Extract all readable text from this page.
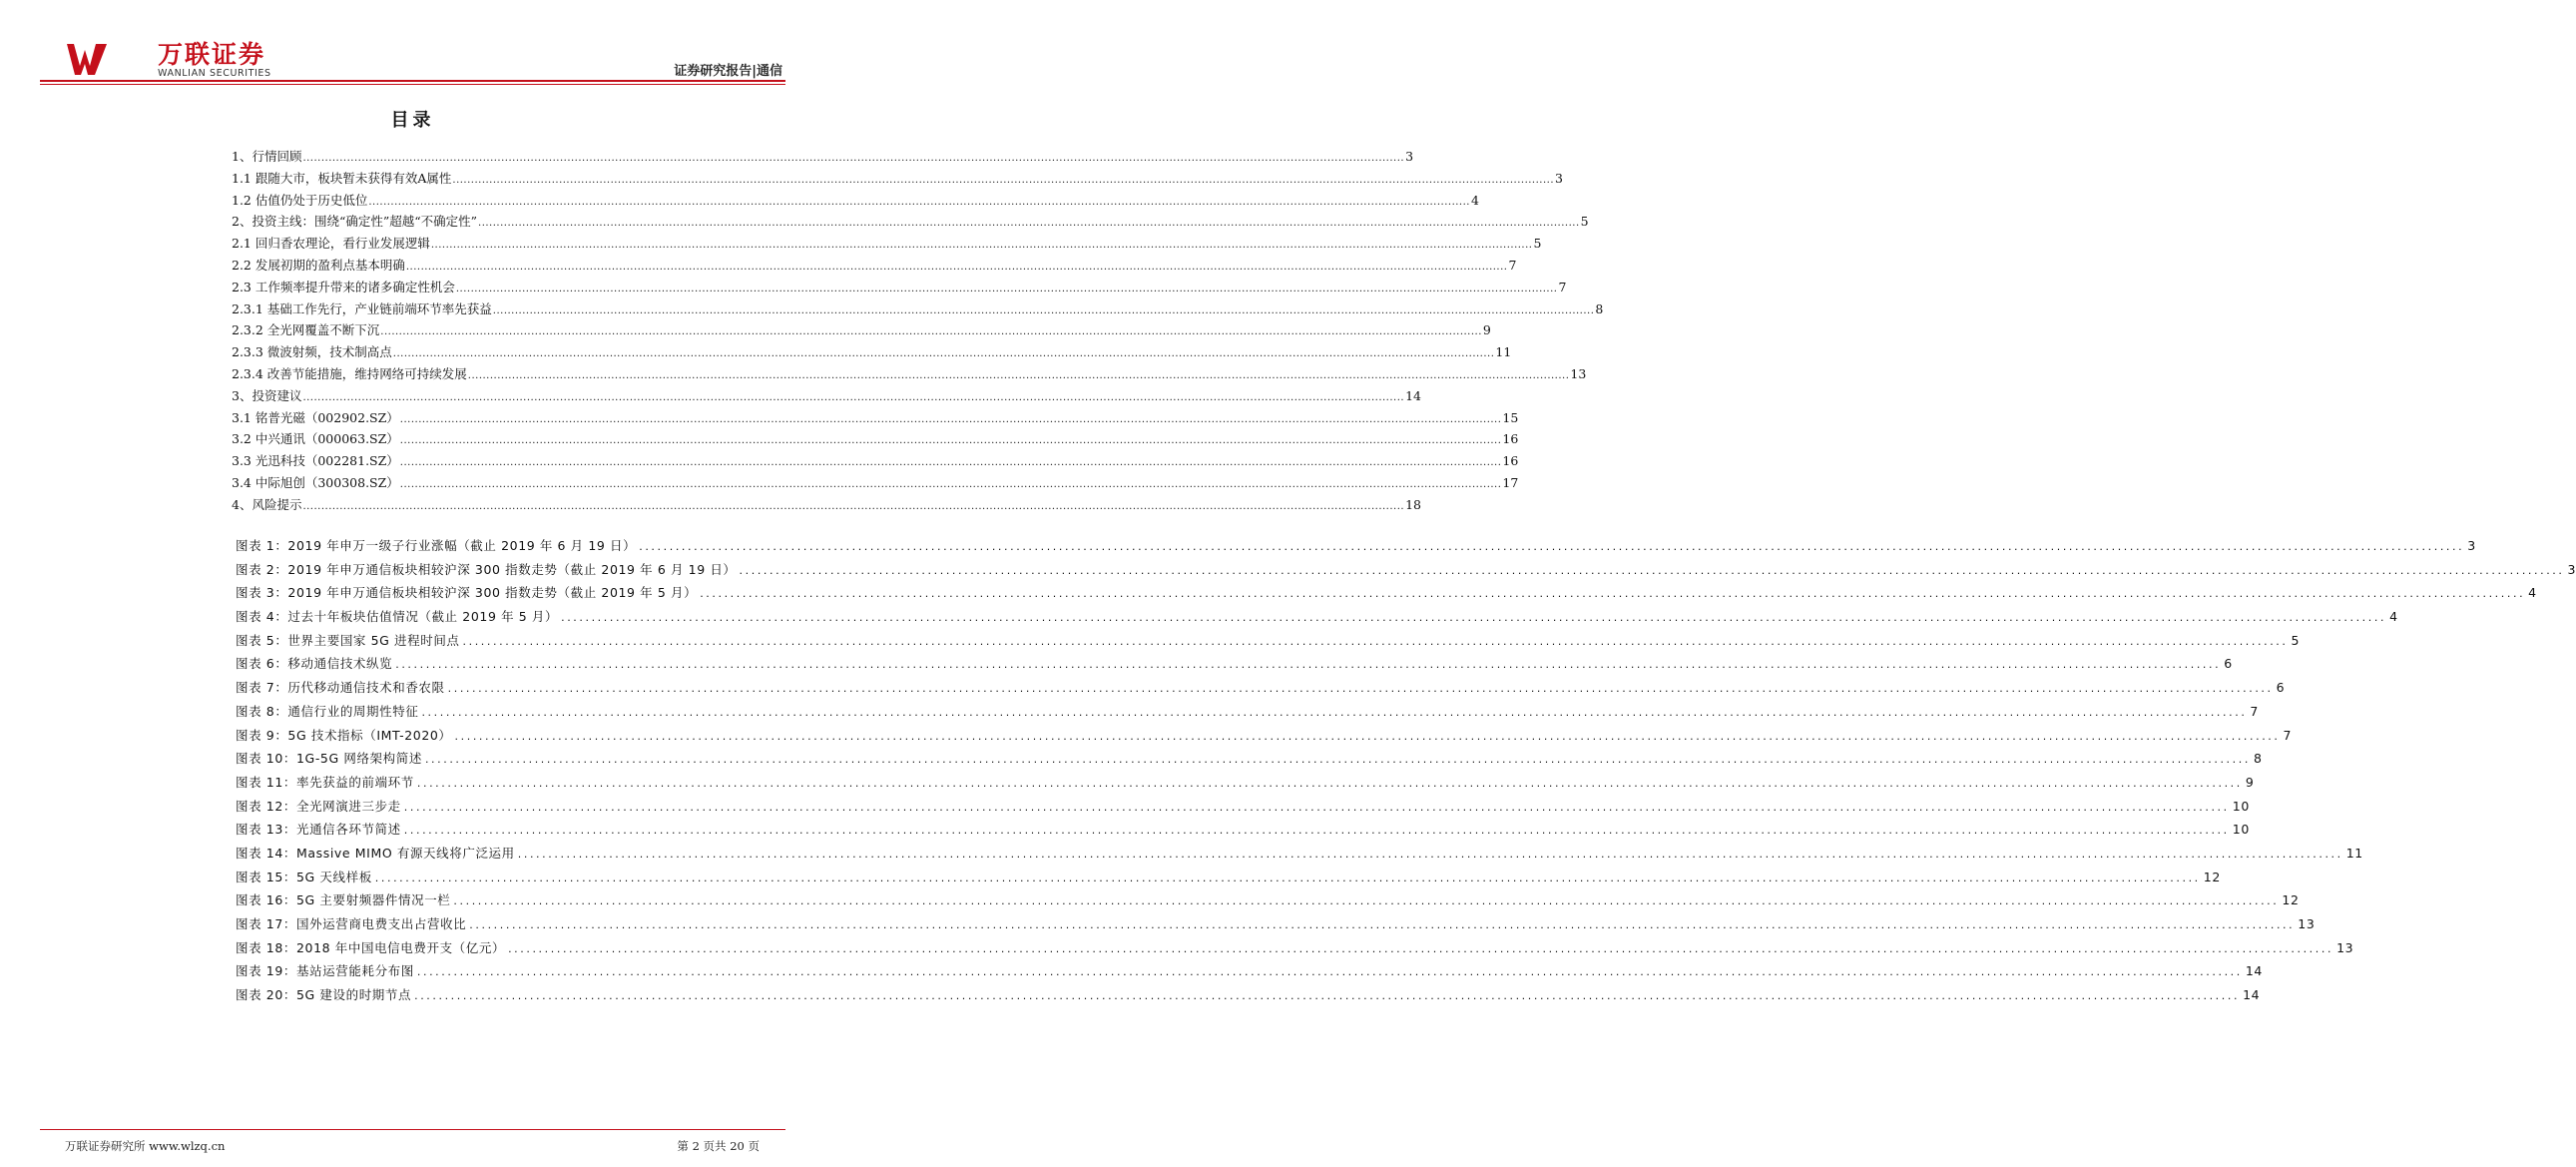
万联证券
WANLIAN SECURITIES	证券研究报告|通信
目录
1、行情回顾 ............................................................................................................................................................................................................................................................................................................ 3
1.1 跟随大市，板块暂未获得有效A属性 ............................................................................................................................................................................................................................................................................................................ 3
1.2 估值仍处于历史低位 ............................................................................................................................................................................................................................................................................................................ 4
2、投资主线：围绕“确定性”超越“不确定性” ............................................................................................................................................................................................................................................................................................................ 5
2.1 回归香农理论，看行业发展逻辑 ............................................................................................................................................................................................................................................................................................................ 5
2.2 发展初期的盈利点基本明确 ............................................................................................................................................................................................................................................................................................................ 7
2.3 工作频率提升带来的诸多确定性机会 ............................................................................................................................................................................................................................................................................................................ 7
2.3.1 基础工作先行，产业链前端环节率先获益 ............................................................................................................................................................................................................................................................................................................ 8
2.3.2 全光网覆盖不断下沉 ............................................................................................................................................................................................................................................................................................................ 9
2.3.3 微波射频，技术制高点 ............................................................................................................................................................................................................................................................................................................ 11
2.3.4 改善节能措施，维持网络可持续发展 ............................................................................................................................................................................................................................................................................................................ 13
3、投资建议 ............................................................................................................................................................................................................................................................................................................ 14
3.1 铭普光磁（002902.SZ） ............................................................................................................................................................................................................................................................................................................ 15
3.2 中兴通讯（000063.SZ） ............................................................................................................................................................................................................................................................................................................ 16
3.3 光迅科技（002281.SZ） ............................................................................................................................................................................................................................................................................................................ 16
3.4 中际旭创（300308.SZ） ............................................................................................................................................................................................................................................................................................................ 17
4、风险提示 ............................................................................................................................................................................................................................................................................................................ 18
图表 1：2019 年申万一级子行业涨幅（截止 2019 年 6 月 19 日） ............................................................................................................................................................................................................................................................................................................ 3
图表 2：2019 年申万通信板块相较沪深 300 指数走势（截止 2019 年 6 月 19 日） ............................................................................................................................................................................................................................................................................................................ 3
图表 3：2019 年申万通信板块相较沪深 300 指数走势（截止 2019 年 5 月） ............................................................................................................................................................................................................................................................................................................ 4
图表 4：过去十年板块估值情况（截止 2019 年 5 月） ............................................................................................................................................................................................................................................................................................................ 4
图表 5：世界主要国家 5G 进程时间点 ............................................................................................................................................................................................................................................................................................................ 5
图表 6：移动通信技术纵览 ............................................................................................................................................................................................................................................................................................................ 6
图表 7：历代移动通信技术和香农限 ............................................................................................................................................................................................................................................................................................................ 6
图表 8：通信行业的周期性特征 ............................................................................................................................................................................................................................................................................................................ 7
图表 9：5G 技术指标（IMT-2020） ............................................................................................................................................................................................................................................................................................................ 7
图表 10：1G-5G 网络架构简述 ............................................................................................................................................................................................................................................................................................................ 8
图表 11：率先获益的前端环节 ............................................................................................................................................................................................................................................................................................................ 9
图表 12：全光网演进三步走 ............................................................................................................................................................................................................................................................................................................ 10
图表 13：光通信各环节简述 ............................................................................................................................................................................................................................................................................................................ 10
图表 14：Massive MIMO 有源天线将广泛运用 ............................................................................................................................................................................................................................................................................................................ 11
图表 15：5G 天线样板 ............................................................................................................................................................................................................................................................................................................ 12
图表 16：5G 主要射频器件情况一栏 ............................................................................................................................................................................................................................................................................................................ 12
图表 17：国外运营商电费支出占营收比 ............................................................................................................................................................................................................................................................................................................ 13
图表 18：2018 年中国电信电费开支（亿元） ............................................................................................................................................................................................................................................................................................................ 13
图表 19：基站运营能耗分布图 ............................................................................................................................................................................................................................................................................................................ 14
图表 20：5G 建设的时期节点 ............................................................................................................................................................................................................................................................................................................ 14
万联证券研究所 www.wlzq.cn	第 2 页共 20 页
